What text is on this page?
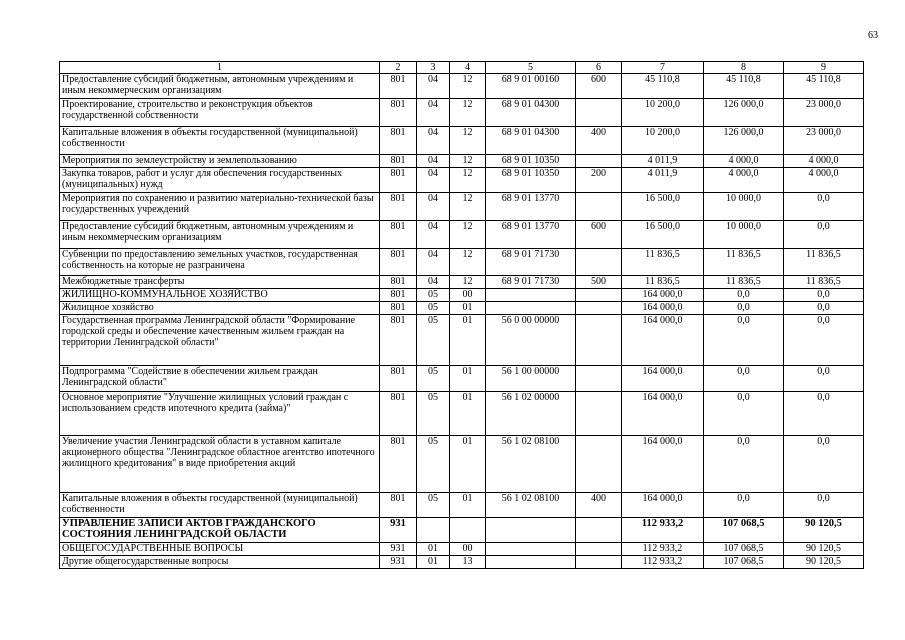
63
1	2	3	4	5	6	7	8	9
Предоставление субсидий бюджетным, автономным учреждениям и иным некоммерческим организациям	801	04	12	68 9 01 00160	600	45 110,8	45 110,8	45 110,8
Проектирование, строительство и реконструкция объектов государственной собственности	801	04	12	68 9 01 04300		10 200,0	126 000,0	23 000,0
Капитальные вложения в объекты государственной (муниципальной) собственности	801	04	12	68 9 01 04300	400	10 200,0	126 000,0	23 000,0
Мероприятия по землеустройству и землепользованию	801	04	12	68 9 01 10350		4 011,9	4 000,0	4 000,0
Закупка товаров, работ и услуг для обеспечения государственных (муниципальных) нужд	801	04	12	68 9 01 10350	200	4 011,9	4 000,0	4 000,0
Мероприятия по сохранению и развитию материально-технической базы государственных учреждений	801	04	12	68 9 01 13770		16 500,0	10 000,0	0,0
Предоставление субсидий бюджетным, автономным учреждениям и иным некоммерческим организациям	801	04	12	68 9 01 13770	600	16 500,0	10 000,0	0,0
Субвенции по предоставлению земельных участков, государственная собственность на которые не разграничена	801	04	12	68 9 01 71730		11 836,5	11 836,5	11 836,5
Межбюджетные трансферты	801	04	12	68 9 01 71730	500	11 836,5	11 836,5	11 836,5
ЖИЛИЩНО-КОММУНАЛЬНОЕ ХОЗЯЙСТВО	801	05	00			164 000,0	0,0	0,0
Жилищное хозяйство	801	05	01			164 000,0	0,0	0,0
Государственная программа Ленинградской области "Формирование городской среды и обеспечение качественным жильем граждан на территории Ленинградской области"	801	05	01	56 0 00 00000		164 000,0	0,0	0,0
Подпрограмма "Содействие в обеспечении жильем граждан Ленинградской области"	801	05	01	56 1 00 00000		164 000,0	0,0	0,0
Основное мероприятие "Улучшение жилищных условий граждан с использованием средств ипотечного кредита (займа)"	801	05	01	56 1 02 00000		164 000,0	0,0	0,0
Увеличение участия Ленинградской области в уставном капитале акционерного общества "Ленинградское областное агентство ипотечного жилищного кредитования" в виде приобретения акций	801	05	01	56 1 02 08100		164 000,0	0,0	0,0
Капитальные вложения в объекты государственной (муниципальной) собственности	801	05	01	56 1 02 08100	400	164 000,0	0,0	0,0
УПРАВЛЕНИЕ ЗАПИСИ АКТОВ ГРАЖДАНСКОГО СОСТОЯНИЯ ЛЕНИНГРАДСКОЙ ОБЛАСТИ	931					112 933,2	107 068,5	90 120,5
ОБЩЕГОСУДАРСТВЕННЫЕ ВОПРОСЫ	931	01	00			112 933,2	107 068,5	90 120,5
Другие общегосударственные вопросы	931	01	13			112 933,2	107 068,5	90 120,5
